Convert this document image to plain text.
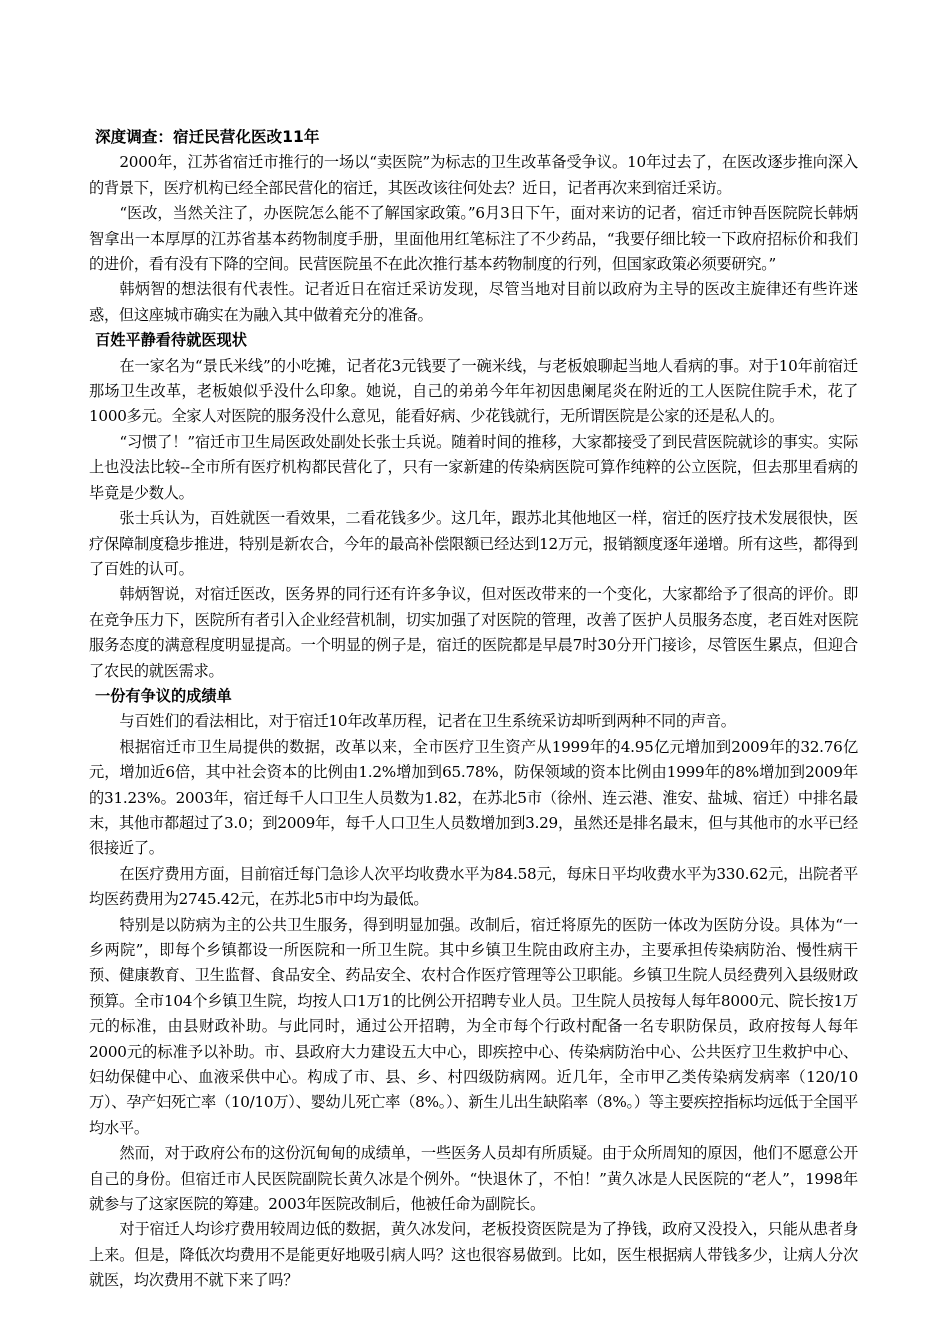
深度调查：宿迁民营化医改11年

2000年，江苏省宿迁市推行的一场以“卖医院”为标志的卫生改革备受争议。10年过去了，在医改逐步推向深入的背景下，医疗机构已经全部民营化的宿迁，其医改该往何处去？近日，记者再次来到宿迁采访。

“医改，当然关注了，办医院怎么能不了解国家政策。”6月3日下午，面对来访的记者，宿迁市钟吾医院院长韩炳智拿出一本厚厚的江苏省基本药物制度手册，里面他用红笔标注了不少药品，“我要仔细比较一下政府招标价和我们的进价，看有没有下降的空间。民营医院虽不在此次推行基本药物制度的行列，但国家政策必须要研究。”

韩炳智的想法很有代表性。记者近日在宿迁采访发现，尽管当地对目前以政府为主导的医改主旋律还有些许迷惑，但这座城市确实在为融入其中做着充分的准备。

百姓平静看待就医现状

在一家名为“景氏米线”的小吃摊，记者花3元钱要了一碗米线，与老板娘聊起当地人看病的事。对于10年前宿迁那场卫生改革，老板娘似乎没什么印象。她说，自己的弟弟今年年初因患阑尾炎在附近的工人医院住院手术，花了1000多元。全家人对医院的服务没什么意见，能看好病、少花钱就行，无所谓医院是公家的还是私人的。

“习惯了！”宿迁市卫生局医政处副处长张士兵说。随着时间的推移，大家都接受了到民营医院就诊的事实。实际上也没法比较--全市所有医疗机构都民营化了，只有一家新建的传染病医院可算作纯粹的公立医院，但去那里看病的毕竟是少数人。

张士兵认为，百姓就医一看效果，二看花钱多少。这几年，跟苏北其他地区一样，宿迁的医疗技术发展很快，医疗保障制度稳步推进，特别是新农合，今年的最高补偿限额已经达到12万元，报销额度逐年递增。所有这些，都得到了百姓的认可。

韩炳智说，对宿迁医改，医务界的同行还有许多争议，但对医改带来的一个变化，大家都给予了很高的评价。即在竞争压力下，医院所有者引入企业经营机制，切实加强了对医院的管理，改善了医护人员服务态度，老百姓对医院服务态度的满意程度明显提高。一个明显的例子是，宿迁的医院都是早晨7时30分开门接诊，尽管医生累点，但迎合了农民的就医需求。

一份有争议的成绩单

与百姓们的看法相比，对于宿迁10年改革历程，记者在卫生系统采访却听到两种不同的声音。

根据宿迁市卫生局提供的数据，改革以来，全市医疗卫生资产从1999年的4.95亿元增加到2009年的32.76亿元，增加近6倍，其中社会资本的比例由1.2%增加到65.78%，防保领域的资本比例由1999年的8%增加到2009年的31.23%。2003年，宿迁每千人口卫生人员数为1.82，在苏北5市（徐州、连云港、淮安、盐城、宿迁）中排名最末，其他市都超过了3.0；到2009年，每千人口卫生人员数增加到3.29，虽然还是排名最末，但与其他市的水平已经很接近了。

在医疗费用方面，目前宿迁每门急诊人次平均收费水平为84.58元，每床日平均收费水平为330.62元，出院者平均医药费用为2745.42元，在苏北5市中均为最低。

特别是以防病为主的公共卫生服务，得到明显加强。改制后，宿迁将原先的医防一体改为医防分设。具体为“一乡两院”，即每个乡镇都设一所医院和一所卫生院。其中乡镇卫生院由政府主办，主要承担传染病防治、慢性病干预、健康教育、卫生监督、食品安全、药品安全、农村合作医疗管理等公卫职能。乡镇卫生院人员经费列入县级财政预算。全市104个乡镇卫生院，均按人口1万1的比例公开招聘专业人员。卫生院人员按每人每年8000元、院长按1万元的标准，由县财政补助。与此同时，通过公开招聘，为全市每个行政村配备一名专职防保员，政府按每人每年2000元的标准予以补助。市、县政府大力建设五大中心，即疾控中心、传染病防治中心、公共医疗卫生救护中心、妇幼保健中心、血液采供中心。构成了市、县、乡、村四级防病网。近几年，全市甲乙类传染病发病率（120/10万）、孕产妇死亡率（10/10万）、婴幼儿死亡率（8%。）、新生儿出生缺陷率（8%。）等主要疾控指标均远低于全国平均水平。

然而，对于政府公布的这份沉甸甸的成绩单，一些医务人员却有所质疑。由于众所周知的原因，他们不愿意公开自己的身份。但宿迁市人民医院副院长黄久冰是个例外。“快退休了，不怕！”黄久冰是人民医院的“老人”，1998年就参与了这家医院的筹建。2003年医院改制后，他被任命为副院长。

对于宿迁人均诊疗费用较周边低的数据，黄久冰发问，老板投资医院是为了挣钱，政府又没投入，只能从患者身上来。但是，降低次均费用不是能更好地吸引病人吗？这也很容易做到。比如，医生根据病人带钱多少，让病人分次就医，均次费用不就下来了吗？
